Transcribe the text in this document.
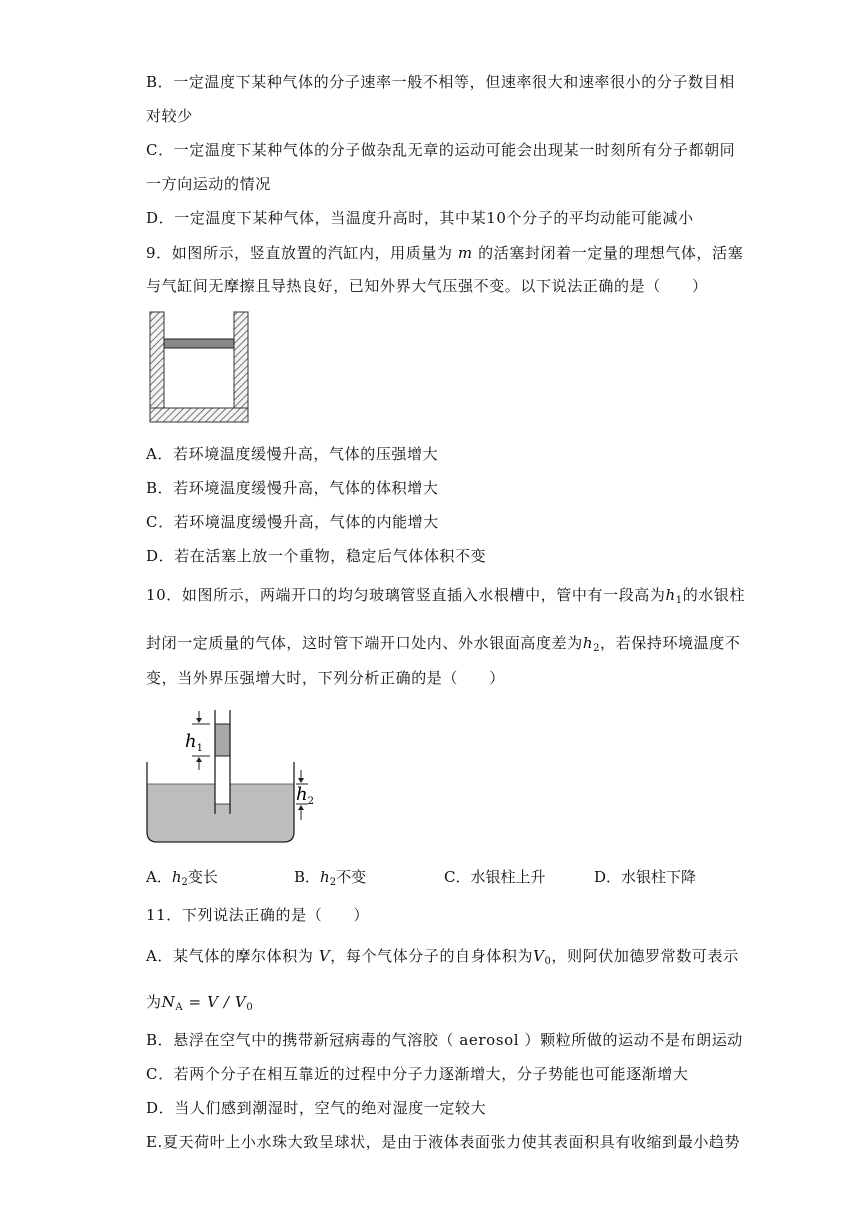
B．一定温度下某种气体的分子速率一般不相等，但速率很大和速率很小的分子数目相
对较少
C．一定温度下某种气体的分子做杂乱无章的运动可能会出现某一时刻所有分子都朝同
一方向运动的情况
D．一定温度下某种气体，当温度升高时，其中某10个分子的平均动能可能减小
9．如图所示，竖直放置的汽缸内，用质量为 m 的活塞封闭着一定量的理想气体，活塞
与气缸间无摩擦且导热良好，已知外界大气压强不变。以下说法正确的是（　　）
A．若环境温度缓慢升高，气体的压强增大
B．若环境温度缓慢升高，气体的体积增大
C．若环境温度缓慢升高，气体的内能增大
D．若在活塞上放一个重物，稳定后气体体积不变
10．如图所示，两端开口的均匀玻璃管竖直插入水根槽中，管中有一段高为$h_1$的水银柱
封闭一定质量的气体，这时管下端开口处内、外水银面高度差为$h_2$，若保持环境温度不
变，当外界压强增大时，下列分析正确的是（　　）
$h_1$
$h_2$
A．$h_2$变长	B．$h_2$不变	C．水银柱上升	D．水银柱下降
11．下列说法正确的是（　　）
A．某气体的摩尔体积为 V，每个气体分子的自身体积为$V_0$，则阿伏加德罗常数可表示
为$N_A = V / V_0$
B．悬浮在空气中的携带新冠病毒的气溶胶（ aerosol ）颗粒所做的运动不是布朗运动
C．若两个分子在相互靠近的过程中分子力逐渐增大，分子势能也可能逐渐增大
D．当人们感到潮湿时，空气的绝对湿度一定较大
E.夏天荷叶上小水珠大致呈球状，是由于液体表面张力使其表面积具有收缩到最小趋势
